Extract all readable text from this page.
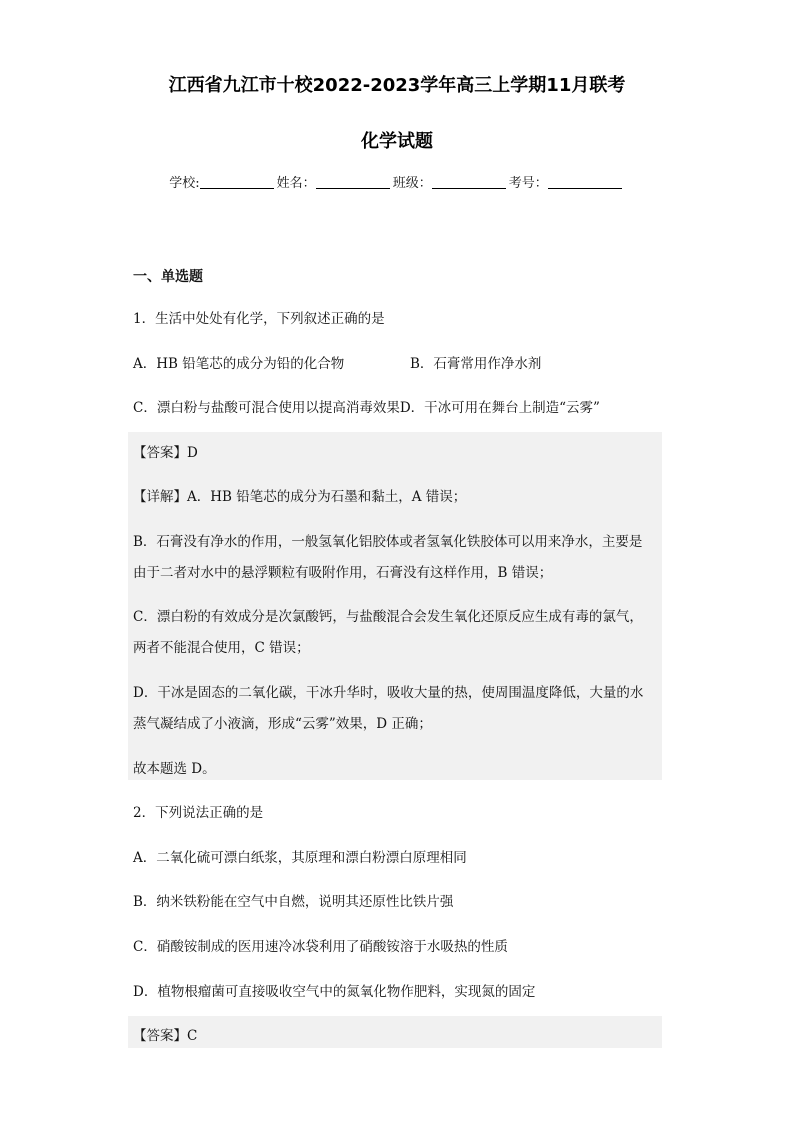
江西省九江市十校2022-2023学年高三上学期11月联考
化学试题
学校:	姓名：	班级：	考号：
一、单选题
1．生活中处处有化学，下列叙述正确的是
A．HB 铅笔芯的成分为铅的化合物	B．石膏常用作净水剂
C．漂白粉与盐酸可混合使用以提高消毒效果D．干冰可用在舞台上制造“云雾”
【答案】D
【详解】A．HB 铅笔芯的成分为石墨和黏土，A 错误；
B．石膏没有净水的作用，一般氢氧化铝胶体或者氢氧化铁胶体可以用来净水，主要是
由于二者对水中的悬浮颗粒有吸附作用，石膏没有这样作用，B 错误；
C．漂白粉的有效成分是次氯酸钙，与盐酸混合会发生氧化还原反应生成有毒的氯气，
两者不能混合使用，C 错误；
D．干冰是固态的二氧化碳，干冰升华时，吸收大量的热，使周围温度降低，大量的水
蒸气凝结成了小液滴，形成“云雾”效果，D 正确；
故本题选 D。
2．下列说法正确的是
A．二氧化硫可漂白纸浆，其原理和漂白粉漂白原理相同
B．纳米铁粉能在空气中自燃，说明其还原性比铁片强
C．硝酸铵制成的医用速冷冰袋利用了硝酸铵溶于水吸热的性质
D．植物根瘤菌可直接吸收空气中的氮氧化物作肥料，实现氮的固定
【答案】C
